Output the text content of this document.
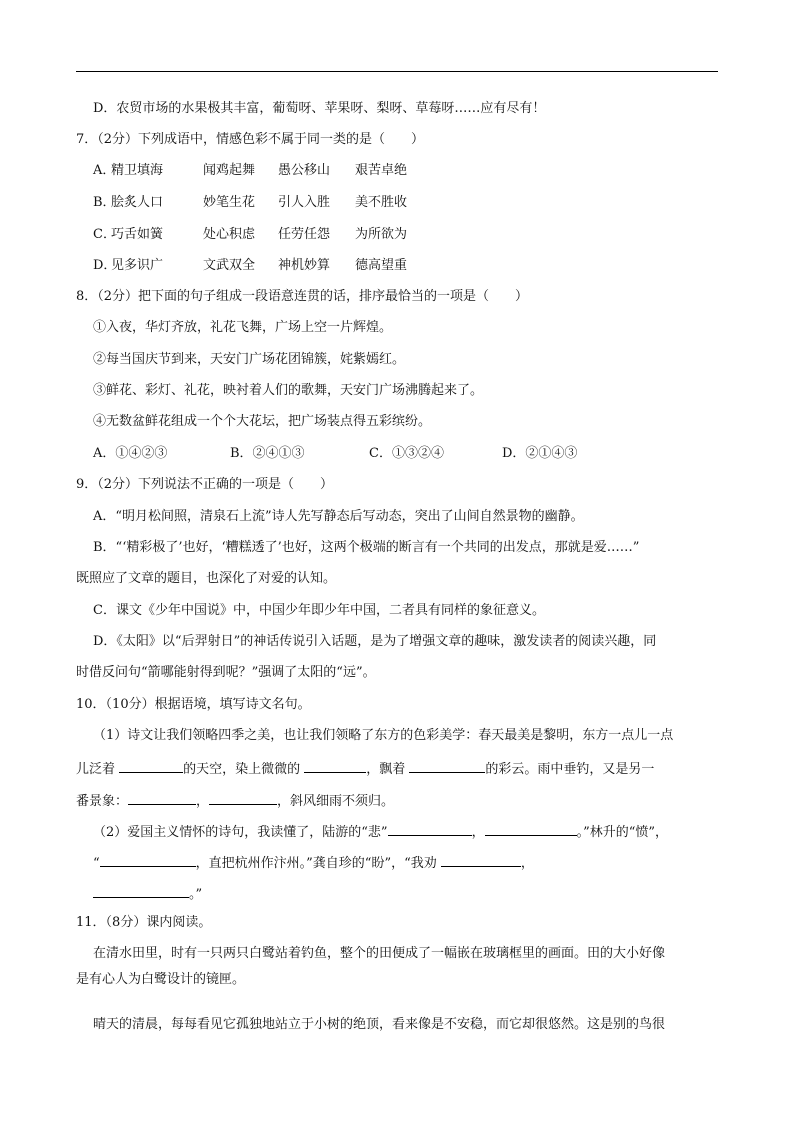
D．农贸市场的水果极其丰富，葡萄呀、苹果呀、梨呀、草莓呀……应有尽有！
7．（2分）下列成语中，情感色彩不属于同一类的是（　　）
A．
精卫填海	闻鸡起舞 愚公移山 艰苦卓绝
B．
脍炙人口	妙笔生花 引人入胜 美不胜收
C．
巧舌如簧	处心积虑 任劳任怨 为所欲为
D．
见多识广	文武双全 神机妙算 德高望重
8．（2分）把下面的句子组成一段语意连贯的话，排序最恰当的一项是（　　）
①入夜，华灯齐放，礼花飞舞，广场上空一片辉煌。
②每当国庆节到来，天安门广场花团锦簇，姹紫嫣红。
③鲜花、彩灯、礼花，映衬着人们的歌舞，天安门广场沸腾起来了。
④无数盆鲜花组成一个个大花坛，把广场装点得五彩缤纷。
A．①④②③	B．②④①③	C．①③②④	D．②①④③
9．（2分）下列说法不正确的一项是（　　）
A．“明月松间照，清泉石上流”诗人先写静态后写动态，突出了山间自然景物的幽静。
B．“‘精彩极了’也好，‘糟糕透了’也好，这两个极端的断言有一个共同的出发点，那就是爱……”
既照应了文章的题目，也深化了对爱的认知。
C．课文《少年中国说》中，中国少年即少年中国，二者具有同样的象征意义。
D．《太阳》以“后羿射日”的神话传说引入话题，是为了增强文章的趣味，激发读者的阅读兴趣，同
时借反问句“箭哪能射得到呢？”强调了太阳的“远”。
10．（10分）根据语境，填写诗文名句。
（1）诗文让我们领略四季之美，也让我们领略了东方的色彩美学：春天最美是黎明，东方一点儿一点
儿泛着	的天空，染上微微的	，飘着	的彩云。雨中垂钓，又是另一
番景象：	，	，斜风细雨不须归。
（2）爱国主义情怀的诗句，我读懂了，陆游的“悲”	，	。”林升的“愤”，
“	，直把杭州作汴州。”龚自珍的“盼”，“我劝	，
。”
11．（8分）课内阅读。
在清水田里，时有一只两只白鹭站着钓鱼，整个的田便成了一幅嵌在玻璃框里的画面。田的大小好像
是有心人为白鹭设计的镜匣。
晴天的清晨，每每看见它孤独地站立于小树的绝顶，看来像是不安稳，而它却很悠然。这是别的鸟很
